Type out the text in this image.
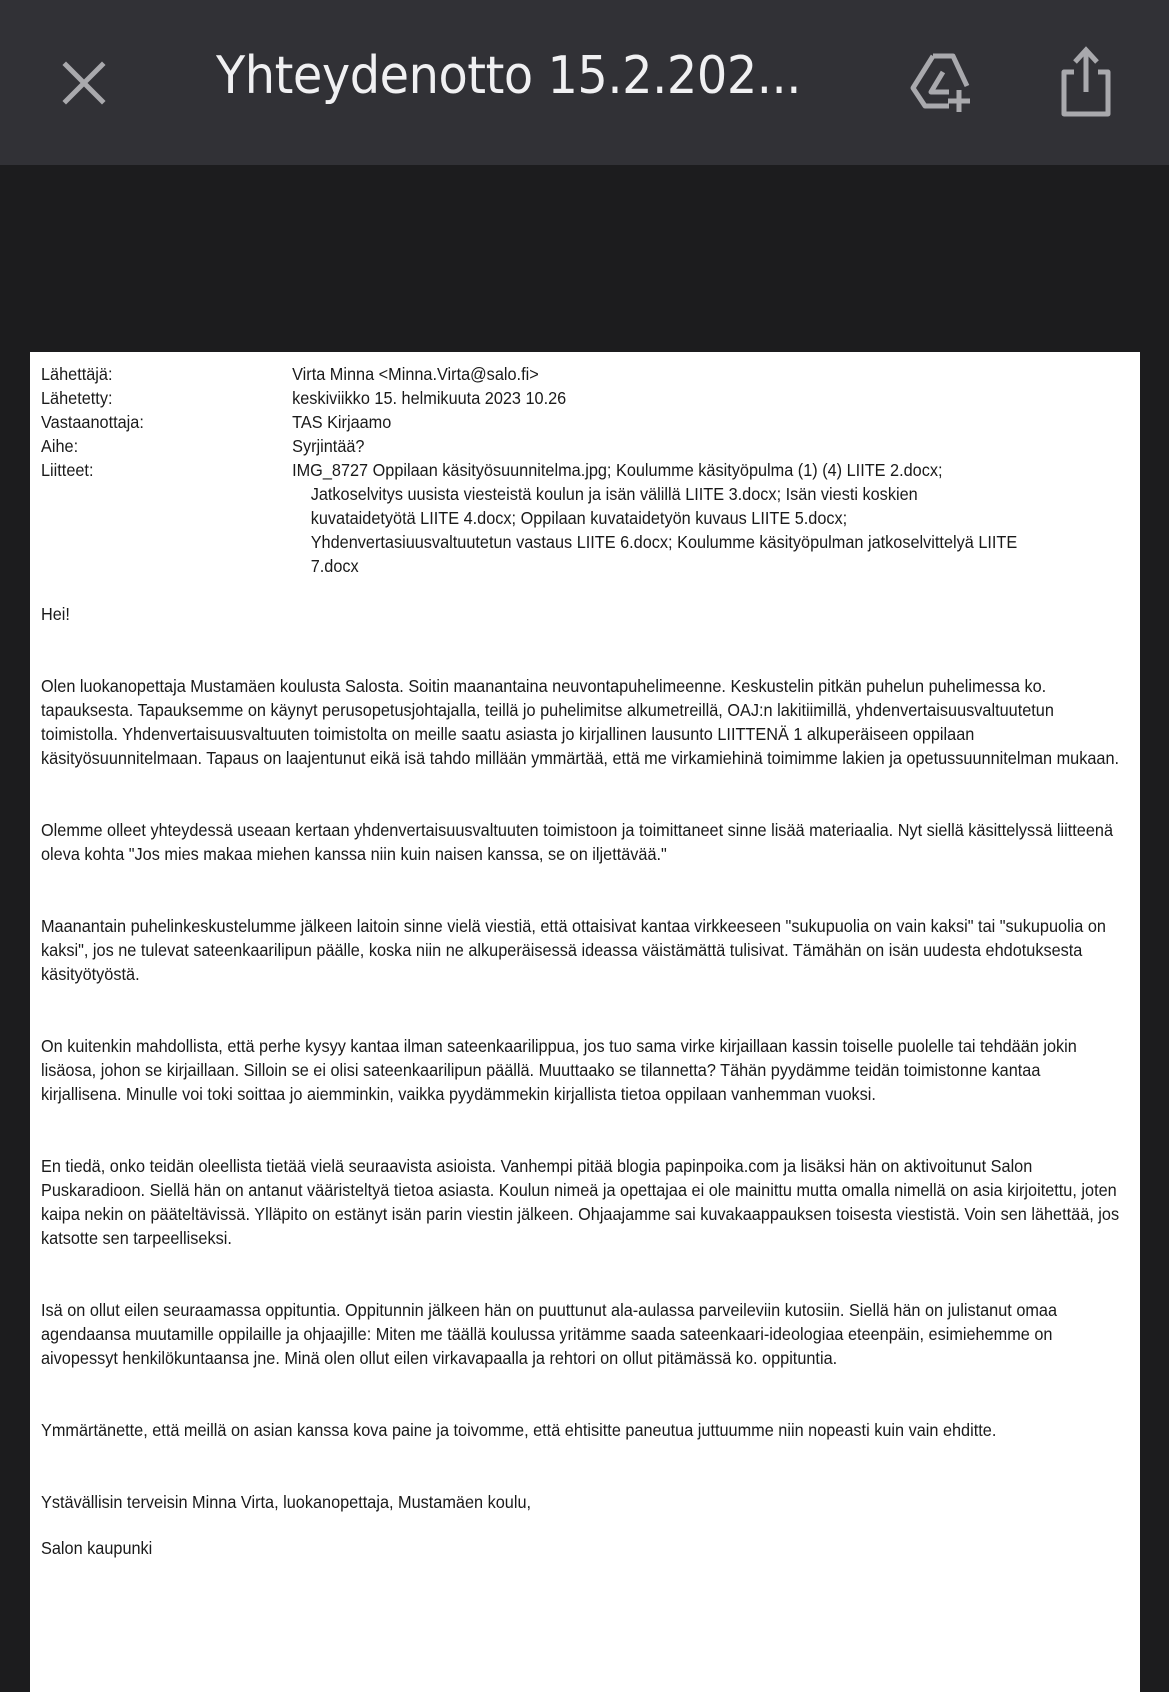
Yhteydenotto 15.2.202...
Lähettäjä:	Virta Minna <Minna.Virta@salo.fi>
Lähetetty:	keskiviikko 15. helmikuuta 2023 10.26
Vastaanottaja:	TAS Kirjaamo
Aihe:	Syrjintää?
Liitteet:	IMG_8727 Oppilaan käsityösuunnitelma.jpg; Koulumme käsityöpulma (1) (4) LIITE 2.docx;
Jatkoselvitys uusista viesteistä koulun ja isän välillä LIITE 3.docx; Isän viesti koskien
kuvataidetyötä LIITE 4.docx; Oppilaan kuvataidetyön kuvaus LIITE 5.docx;
Yhdenvertasiuusvaltuutetun vastaus LIITE 6.docx; Koulumme käsityöpulman jatkoselvittelyä LIITE
7.docx

Hei!

Olen luokanopettaja Mustamäen koulusta Salosta. Soitin maanantaina neuvontapuhelimeenne. Keskustelin pitkän puhelun puhelimessa ko. tapauksesta. Tapauksemme on käynyt perusopetusjohtajalla, teillä jo puhelimitse alkumetreillä, OAJ:n lakitiimillä, yhdenvertaisuusvaltuutetun toimistolla. Yhdenvertaisuusvaltuuten toimistolta on meille saatu asiasta jo kirjallinen lausunto LIITTENÄ 1 alkuperäiseen oppilaan käsityösuunnitelmaan. Tapaus on laajentunut eikä isä tahdo millään ymmärtää, että me virkamiehinä toimimme lakien ja opetussuunnitelman mukaan.

Olemme olleet yhteydessä useaan kertaan yhdenvertaisuusvaltuuten toimistoon ja toimittaneet sinne lisää materiaalia. Nyt siellä käsittelyssä liitteenä oleva kohta "Jos mies makaa miehen kanssa niin kuin naisen kanssa, se on iljettävää."

Maanantain puhelinkeskustelumme jälkeen laitoin sinne vielä viestiä, että ottaisivat kantaa virkkeeseen "sukupuolia on vain kaksi" tai "sukupuolia on kaksi", jos ne tulevat sateenkaarilipun päälle, koska niin ne alkuperäisessä ideassa väistämättä tulisivat. Tämähän on isän uudesta ehdotuksesta käsityötyöstä.

On kuitenkin mahdollista, että perhe kysyy kantaa ilman sateenkaarilippua, jos tuo sama virke kirjaillaan kassin toiselle puolelle tai tehdään jokin lisäosa, johon se kirjaillaan. Silloin se ei olisi sateenkaarilipun päällä. Muuttaako se tilannetta? Tähän pyydämme teidän toimistonne kantaa kirjallisena. Minulle voi toki soittaa jo aiemminkin, vaikka pyydämmekin kirjallista tietoa oppilaan vanhemman vuoksi.

En tiedä, onko teidän oleellista tietää vielä seuraavista asioista. Vanhempi pitää blogia papinpoika.com ja lisäksi hän on aktivoitunut Salon Puskaradioon. Siellä hän on antanut vääristeltyä tietoa asiasta. Koulun nimeä ja opettajaa ei ole mainittu mutta omalla nimellä on asia kirjoitettu, joten kaipa nekin on pääteltävissä. Ylläpito on estänyt isän parin viestin jälkeen. Ohjaajamme sai kuvakaappauksen toisesta viestistä. Voin sen lähettää, jos katsotte sen tarpeelliseksi.

Isä on ollut eilen seuraamassa oppituntia. Oppitunnin jälkeen hän on puuttunut ala-aulassa parveileviin kutosiin. Siellä hän on julistanut omaa agendaansa muutamille oppilaille ja ohjaajille: Miten me täällä koulussa yritämme saada sateenkaari-ideologiaa eteenpäin, esimiehemme on aivopessyt henkilökuntaansa jne. Minä olen ollut eilen virkavapaalla ja rehtori on ollut pitämässä ko. oppituntia.

Ymmärtänette, että meillä on asian kanssa kova paine ja toivomme, että ehtisitte paneutua juttuumme niin nopeasti kuin vain ehditte.

Ystävällisin terveisin Minna Virta, luokanopettaja, Mustamäen koulu,

Salon kaupunki
